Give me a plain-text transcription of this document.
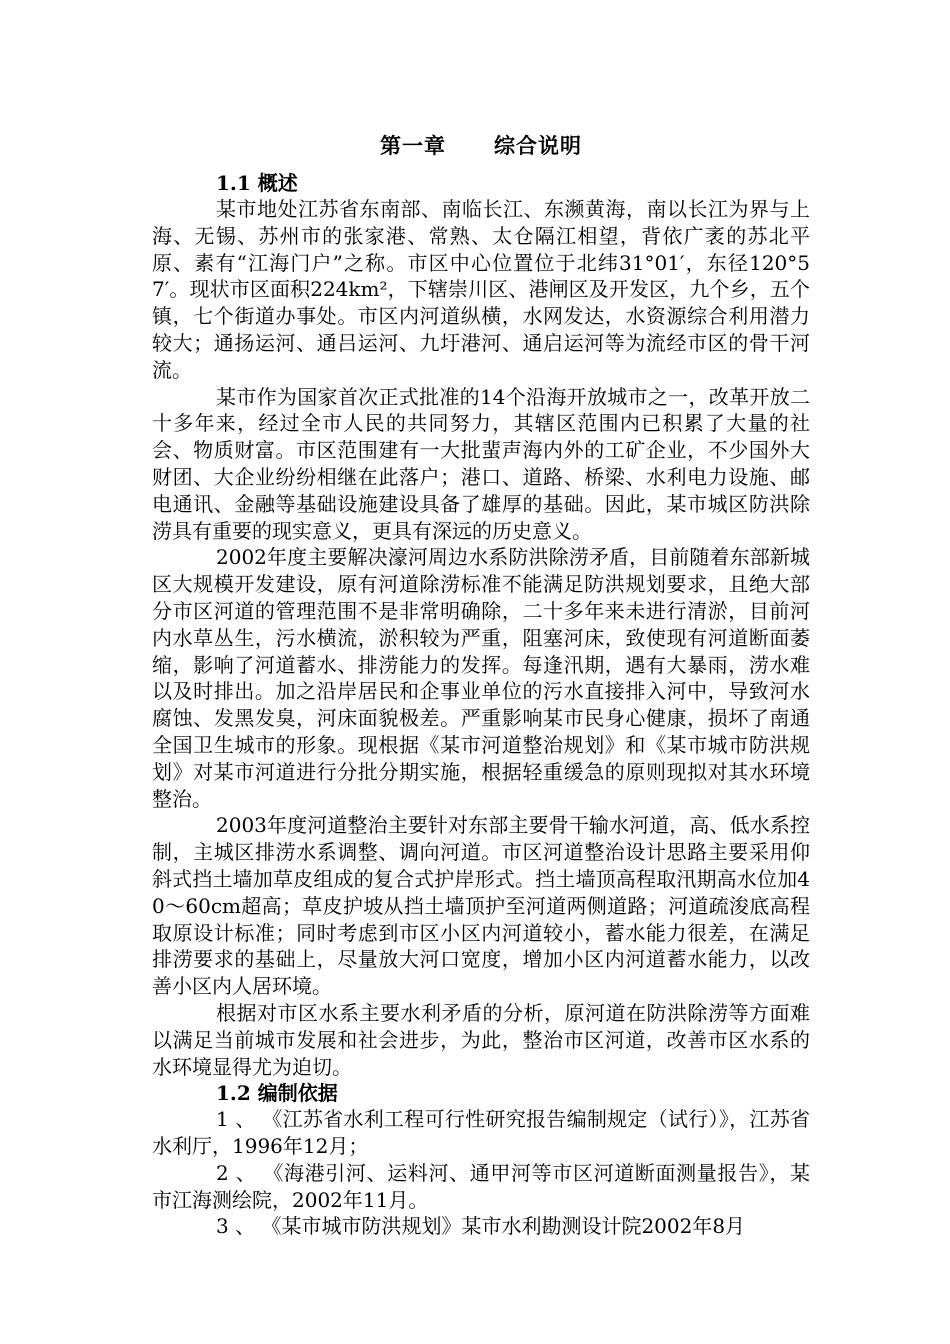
第一章 综合说明
1.1 概述

某市地处江苏省东南部、南临长江、东濒黄海，南以长江为界与上海、无锡、苏州市的张家港、常熟、太仓隔江相望，背依广袤的苏北平原、素有“江海门户”之称。市区中心位置位于北纬31°01′，东径120°57′。现状市区面积224km²，下辖崇川区、港闸区及开发区，九个乡，五个镇，七个街道办事处。市区内河道纵横，水网发达，水资源综合利用潜力较大；通扬运河、通吕运河、九圩港河、通启运河等为流经市区的骨干河流。

某市作为国家首次正式批准的14个沿海开放城市之一，改革开放二十多年来，经过全市人民的共同努力，其辖区范围内已积累了大量的社会、物质财富。市区范围建有一大批蜚声海内外的工矿企业，不少国外大财团、大企业纷纷相继在此落户；港口、道路、桥梁、水利电力设施、邮电通讯、金融等基础设施建设具备了雄厚的基础。因此，某市城区防洪除涝具有重要的现实意义，更具有深远的历史意义。

2002年度主要解决濠河周边水系防洪除涝矛盾，目前随着东部新城区大规模开发建设，原有河道除涝标准不能满足防洪规划要求，且绝大部分市区河道的管理范围不是非常明确除，二十多年来未进行清淤，目前河内水草丛生，污水横流，淤积较为严重，阻塞河床，致使现有河道断面萎缩，影响了河道蓄水、排涝能力的发挥。每逢汛期，遇有大暴雨，涝水难以及时排出。加之沿岸居民和企事业单位的污水直接排入河中，导致河水腐蚀、发黑发臭，河床面貌极差。严重影响某市民身心健康，损坏了南通全国卫生城市的形象。现根据《某市河道整治规划》和《某市城市防洪规划》对某市河道进行分批分期实施，根据轻重缓急的原则现拟对其水环境整治。

2003年度河道整治主要针对东部主要骨干输水河道，高、低水系控制，主城区排涝水系调整、调向河道。市区河道整治设计思路主要采用仰斜式挡土墙加草皮组成的复合式护岸形式。挡土墙顶高程取汛期高水位加40～60cm超高；草皮护坡从挡土墙顶护至河道两侧道路；河道疏浚底高程取原设计标准；同时考虑到市区小区内河道较小，蓄水能力很差，在满足排涝要求的基础上，尽量放大河口宽度，增加小区内河道蓄水能力，以改善小区内人居环境。

根据对市区水系主要水利矛盾的分析，原河道在防洪除涝等方面难以满足当前城市发展和社会进步，为此，整治市区河道，改善市区水系的水环境显得尤为迫切。

1.2 编制依据

1 、 《江苏省水利工程可行性研究报告编制规定（试行）》，江苏省水利厅，1996年12月；

2 、 《海港引河、运料河、通甲河等市区河道断面测量报告》，某市江海测绘院，2002年11月。

3 、 《某市城市防洪规划》某市水利勘测设计院2002年8月
